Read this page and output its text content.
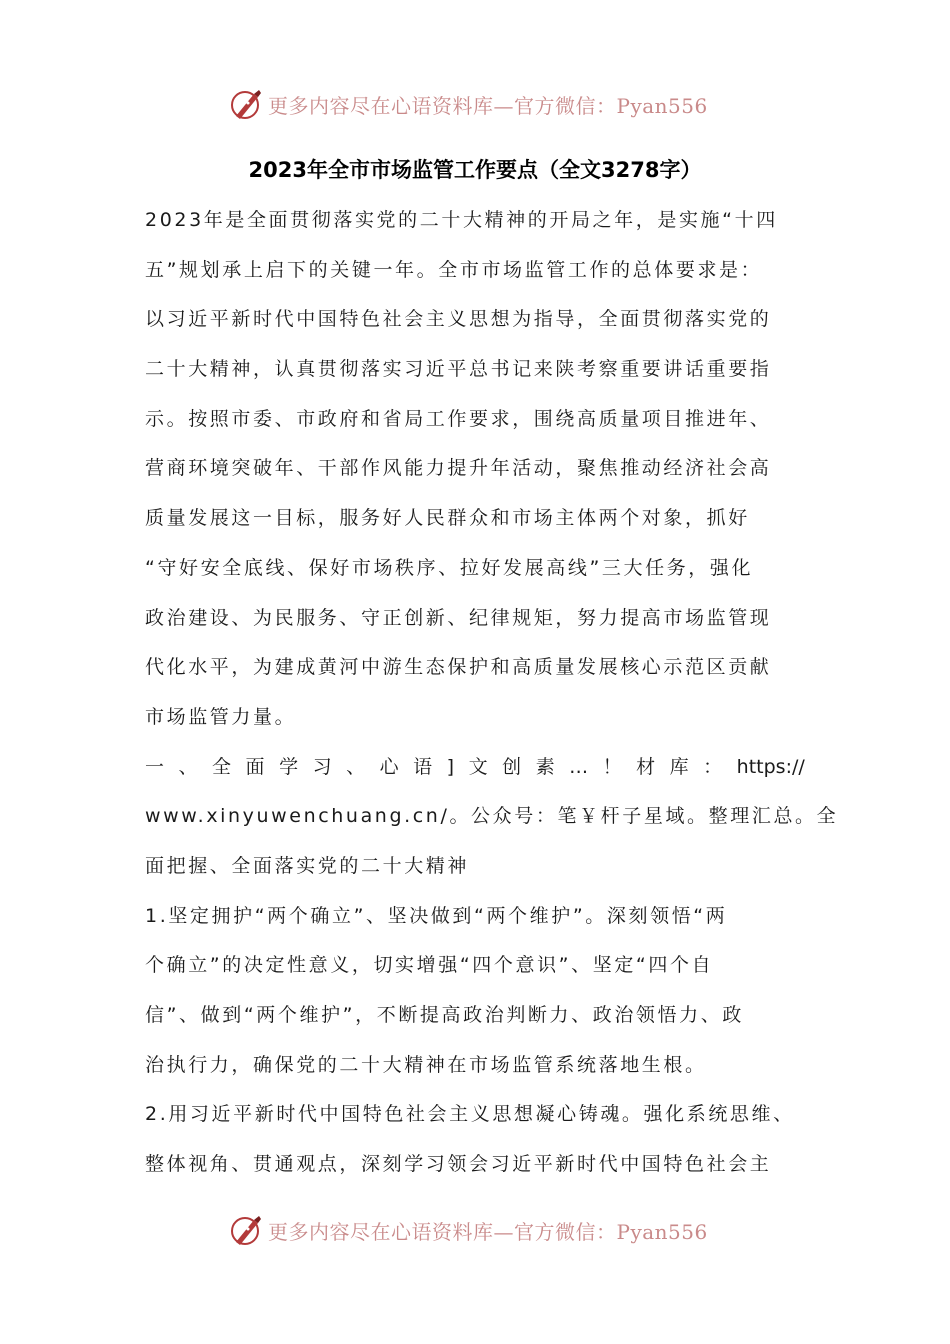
更多内容尽在心语资料库—官方微信：Pyan556
2023年全市市场监管工作要点（全文3278字）
2023年是全面贯彻落实党的二十大精神的开局之年，是实施“十四
五”规划承上启下的关键一年。全市市场监管工作的总体要求是：
以习近平新时代中国特色社会主义思想为指导，全面贯彻落实党的
二十大精神，认真贯彻落实习近平总书记来陕考察重要讲话重要指
示。按照市委、市政府和省局工作要求，围绕高质量项目推进年、
营商环境突破年、干部作风能力提升年活动，聚焦推动经济社会高
质量发展这一目标，服务好人民群众和市场主体两个对象，抓好
“守好安全底线、保好市场秩序、拉好发展高线”三大任务，强化
政治建设、为民服务、守正创新、纪律规矩，努力提高市场监管现
代化水平，为建成黄河中游生态保护和高质量发展核心示范区贡献
市场监管力量。
一 、 全 面 学 习 、 心 语 ] 文 创 素 … ！ 材 库 ： https://
www.xinyuwenchuang.cn/。公众号：笔￥杆子星域。整理汇总。全
面把握、全面落实党的二十大精神
1.坚定拥护“两个确立”、坚决做到“两个维护”。深刻领悟“两
个确立”的决定性意义，切实增强“四个意识”、坚定“四个自
信”、做到“两个维护”，不断提高政治判断力、政治领悟力、政
治执行力，确保党的二十大精神在市场监管系统落地生根。
2.用习近平新时代中国特色社会主义思想凝心铸魂。强化系统思维、
整体视角、贯通观点，深刻学习领会习近平新时代中国特色社会主
更多内容尽在心语资料库—官方微信：Pyan556
